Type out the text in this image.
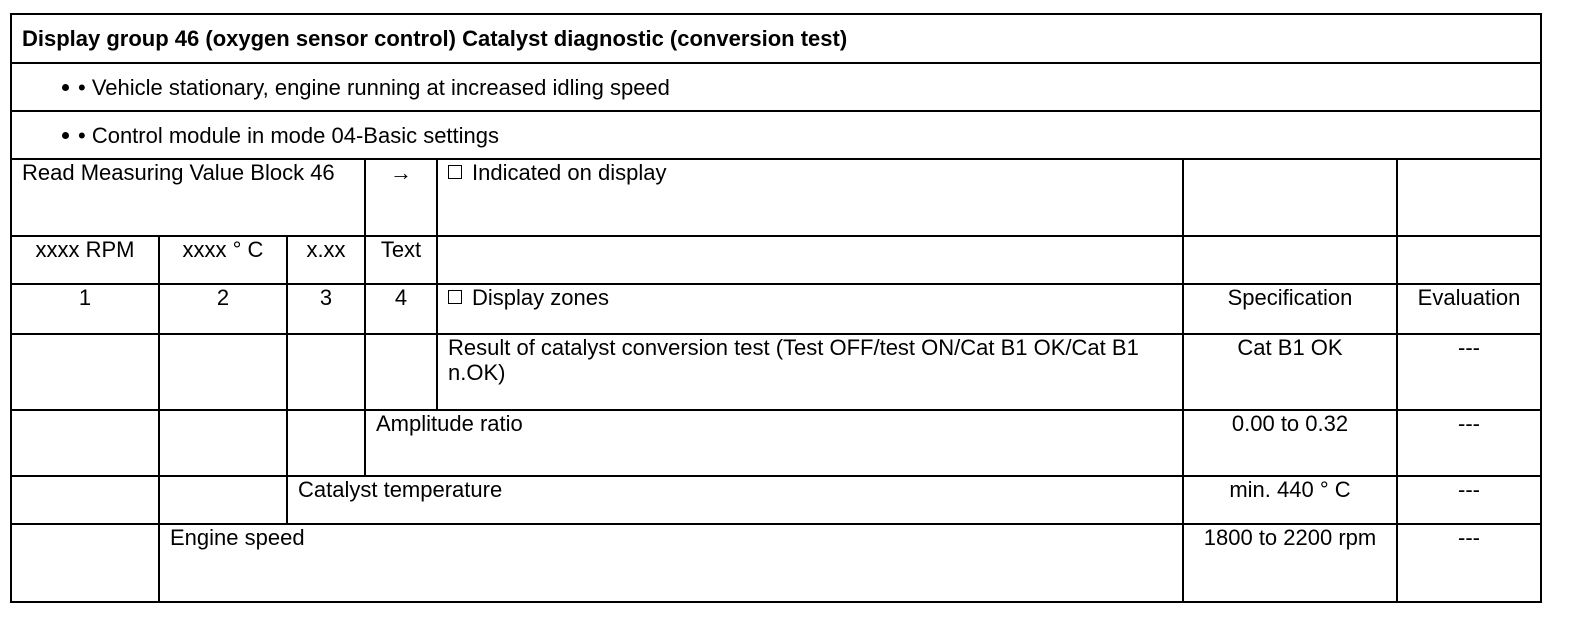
Display group 46 (oxygen sensor control) Catalyst diagnostic (conversion test)						
• Vehicle stationary, engine running at increased idling speed						
• Control module in mode 04-Basic settings						
Read Measuring Value Block 46			→	Indicated on display		
xxxx RPM	xxxx ° C	x.xx	Text			
1	2	3	4	Display zones	Specification	Evaluation
				Result of catalyst conversion test (Test OFF/test ON/Cat B1 OK/Cat B1 n.OK)	Cat B1 OK	---
			Amplitude ratio		0.00 to 0.32	---
		Catalyst temperature			min. 440 ° C	---
	Engine speed				1800 to 2200 rpm	---
